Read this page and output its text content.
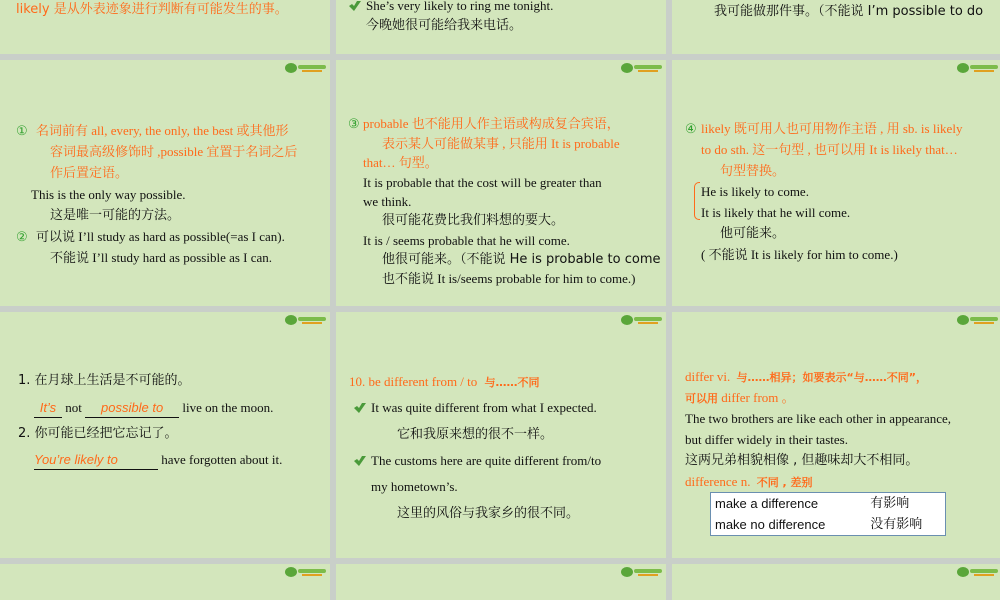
likely 是从外表迹象进行判断有可能发生的事。	She’s very likely to ring me tonight.
今晚她很可能给我来电话。
我可能做那件事。（不能说 I’m possible to do
① 名词前有 all, every, the only, the best 或其他形
容词最高级修饰时 ,possible 宜置于名词之后
作后置定语。
This is the only way possible.
这是唯一可能的方法。
② 可以说 I’ll study as hard as possible(=as I can).
不能说 I’ll study hard as possible as I can.
③ probable 也不能用人作主语或构成复合宾语，
表示某人可能做某事 , 只能用 It is probable
that… 句型。
It is probable that the cost will be greater than
we think.
很可能花费比我们料想的要大。
It is / seems probable that he will come.
他很可能来。（不能说 He is probable to come
也不能说 It is/seems probable for him to come.)
④ likely 既可用人也可用物作主语 , 用 sb. is likely
to do sth. 这一句型 , 也可以用 It is likely that…
句型替换。
He is likely to come.
It is likely that he will come.
他可能来。
( 不能说 It is likely for him to come.)
1. 在月球上生活是不可能的。
It’s not possible to live on the moon.
2. 你可能已经把它忘记了。
You’re likely to	have forgotten about it.
10. be different from / to 与……不同
It was quite different from what I expected.
它和我原来想的很不一样。
The customs here are quite different from/to
my hometown’s.
这里的风俗与我家乡的很不同。
differ vi. 与……相异；如要表示“与……不同”，
可以用 differ from 。
The two brothers are like each other in appearance,
but differ widely in their tastes.
这两兄弟相貌相像 , 但趣味却大不相同。
difference n. 不同 , 差别
make a difference	有影响
make no difference	没有影响
